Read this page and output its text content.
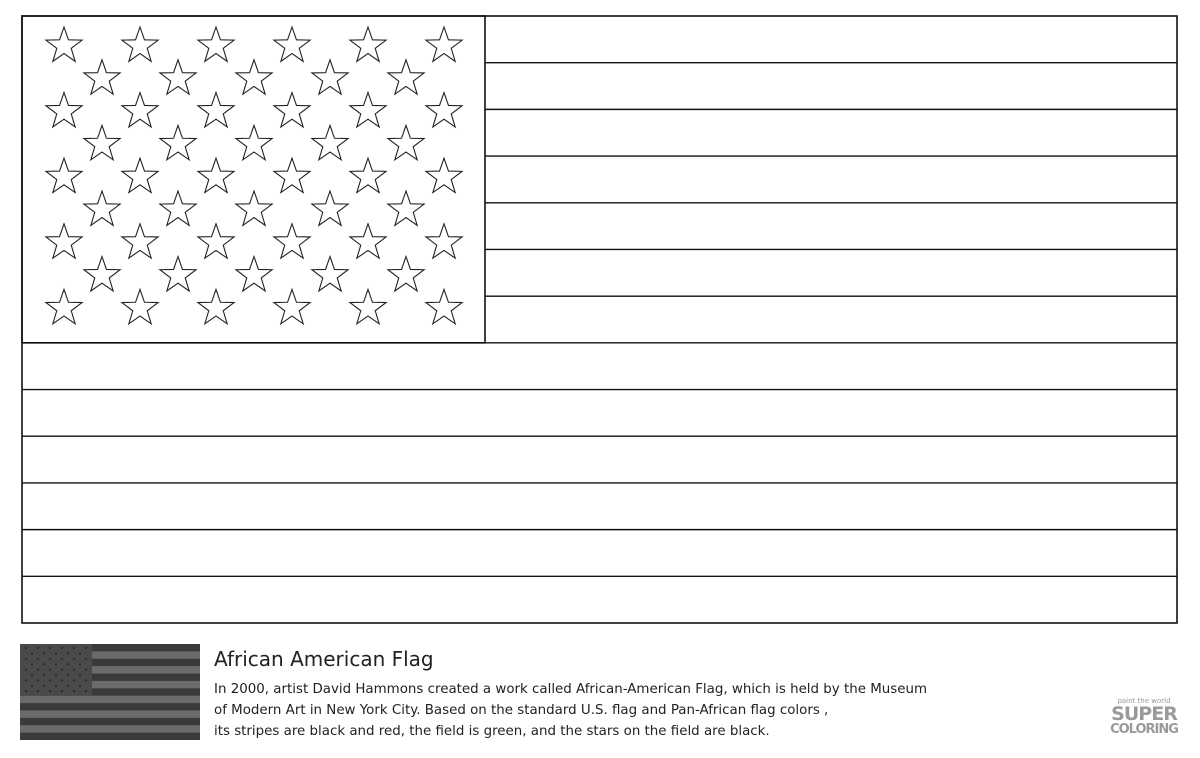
African American Flag
In 2000, artist David Hammons created a work called African-American Flag, which is held by the Museum
of Modern Art in New York City. Based on the standard U.S. flag and Pan-African flag colors ,
its stripes are black and red, the field is green, and the stars on the field are black.
paint the world
SUPER
COLORING
